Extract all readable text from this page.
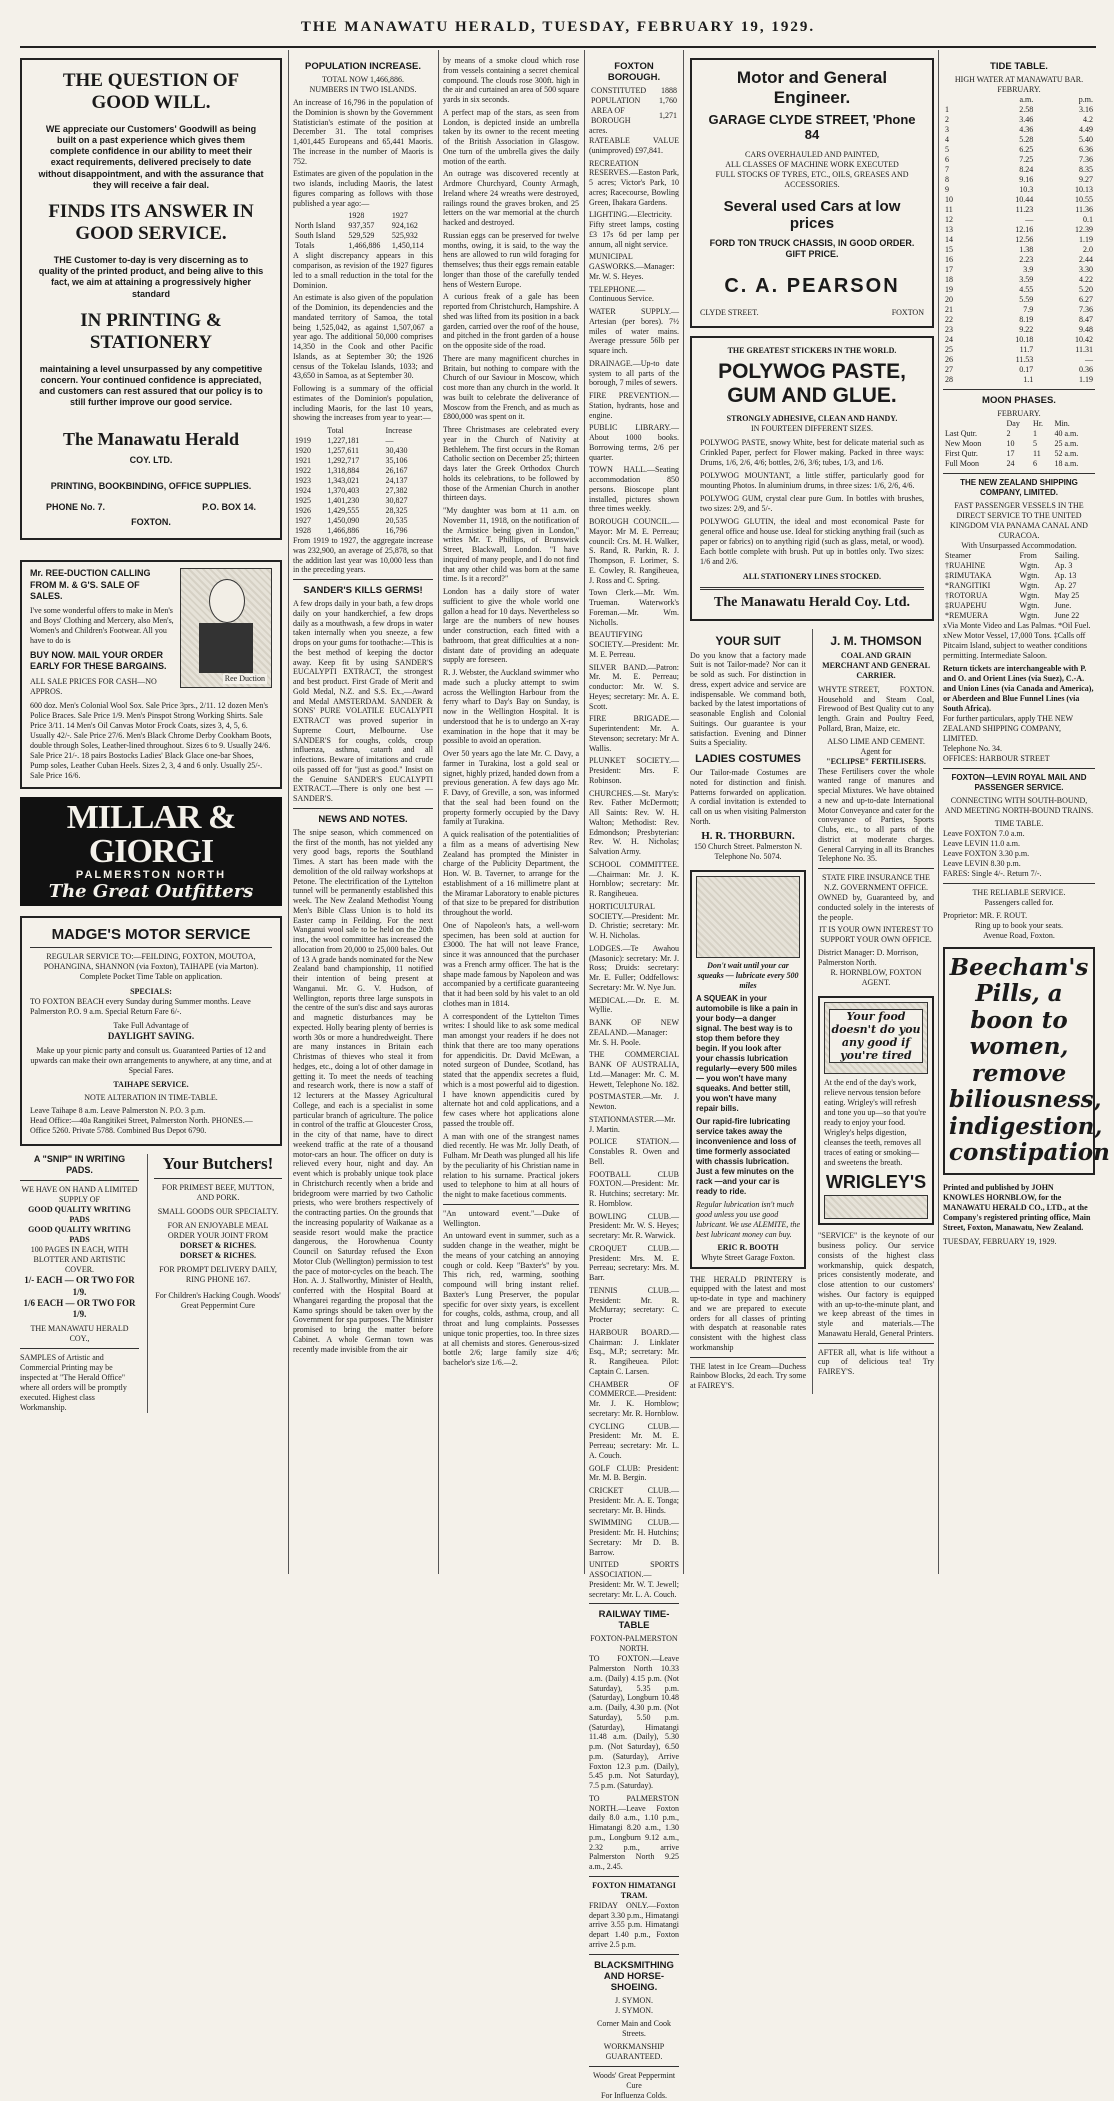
THE MANAWATU HERALD, TUESDAY, FEBRUARY 19, 1929.
THE QUESTION OF GOOD WILL.
WE appreciate our Customers' Goodwill as being built on a past experience which gives them complete confidence in our ability to meet their exact requirements, delivered precisely to date without disappointment, and with the assurance that they will receive a fair deal.
FINDS ITS ANSWER IN GOOD SERVICE.
THE Customer to-day is very discerning as to quality of the printed product, and being alive to this fact, we aim at attaining a progressively higher standard
IN PRINTING & STATIONERY
maintaining a level unsurpassed by any competitive concern. Your continued confidence is appreciated, and customers can rest assured that our policy is to still further improve our good service.
The Manawatu Herald
COY. LTD.
PRINTING, BOOKBINDING, OFFICE SUPPLIES.
PHONE No. 7.	P.O. BOX 14.
FOXTON.
Mr. REE-DUCTION CALLING FROM M. & G'S. SALE OF SALES.
I've some wonderful offers to make in Men's and Boys' Clothing and Mercery, also Men's, Women's and Children's Footwear. All you have to do is
BUY NOW. MAIL YOUR ORDER EARLY FOR THESE BARGAINS.
ALL SALE PRICES FOR CASH—NO APPROS.
Ree Duction
600 doz. Men's Colonial Wool Sox. Sale Price 3prs., 2/11. 12 dozen Men's Police Braces. Sale Price 1/9. Men's Pinspot Strong Working Shirts. Sale Price 3/11. 14 Men's Oil Canvas Motor Frock Coats, sizes 3, 4, 5, 6. Usually 42/-. Sale Price 27/6. Men's Black Chrome Derby Cookham Boots, double through Soles, Leather-lined throughout. Sizes 6 to 9. Usually 24/6. Sale Price 21/-. 18 pairs Bostocks Ladies' Black Glace one-bar Shoes, Pump soles, Leather Cuban Heels. Sizes 2, 3, 4 and 6 only. Usually 25/-. Sale Price 16/6.
MILLAR & GIORGI
PALMERSTON NORTH
The Great Outfitters
MADGE'S MOTOR SERVICE
REGULAR SERVICE TO:—FEILDING, FOXTON, MOUTOA, POHANGINA, SHANNON (via Foxton), TAIHAPE (via Marton).
Complete Pocket Time Table on application.
SPECIALS:
TO FOXTON BEACH every Sunday during Summer months. Leave Palmerston P.O. 9 a.m. Special Return Fare 6/-.
Take Full Advantage of
DAYLIGHT SAVING.
Make up your picnic party and consult us. Guaranteed Parties of 12 and upwards can make their own arrangements to anywhere, at any time, and at Special Fares.
TAIHAPE SERVICE.
NOTE ALTERATION IN TIME-TABLE.
Leave Taihape 8 a.m. Leave Palmerston N. P.O. 3 p.m.
Head Office:—40a Rangitikei Street, Palmerston North. PHONES.—Office 5260. Private 5788. Combined Bus Depot 6790.
A "SNIP" IN WRITING PADS.
WE HAVE ON HAND A LIMITED SUPPLY OF
GOOD QUALITY WRITING PADS
GOOD QUALITY WRITING PADS
100 PAGES IN EACH, WITH BLOTTER AND ARTISTIC COVER.
1/- EACH — OR TWO FOR 1/9.
1/6 EACH — OR TWO FOR 1/9.
THE MANAWATU HERALD COY.,
SAMPLES of Artistic and Commercial Printing may be inspected at "The Herald Office" where all orders will be promptly executed. Highest class Workmanship.
Your Butchers!
FOR PRIMEST BEEF, MUTTON, AND PORK.
SMALL GOODS OUR SPECIALTY.
FOR AN ENJOYABLE MEAL ORDER YOUR JOINT FROM
DORSET & RICHES.
DORSET & RICHES.
FOR PROMPT DELIVERY DAILY, RING PHONE 167.
For Children's Hacking Cough. Woods' Great Peppermint Cure
POPULATION INCREASE.
TOTAL NOW 1,466,886.
NUMBERS IN TWO ISLANDS.

An increase of 16,796 in the population of the Dominion is shown by the Government Statistician's estimate of the position at December 31. The total comprises 1,401,445 Europeans and 65,441 Maoris. The increase in the number of Maoris is 752.

Estimates are given of the population in the two islands, including Maoris, the latest figures comparing as follows with those published a year ago:—

	1928	1927
North Island	937,357	924,162
South Island	529,529	525,932
Totals	1,466,886	1,450,114

A slight discrepancy appears in this comparison, as revision of the 1927 figures led to a small reduction in the total for the Dominion.

An estimate is also given of the population of the Dominion, its dependencies and the mandated territory of Samoa, the total being 1,525,042, as against 1,507,067 a year ago. The additional 50,000 comprises 14,350 in the Cook and other Pacific Islands, as at September 30; the 1926 census of the Tokelau Islands, 1033; and 43,650 in Samoa, as at September 30.

Following is a summary of the official estimates of the Dominion's population, including Maoris, for the last 10 years, showing the increases from year to year:—

	Total	Increase
1919	1,227,181	—
1920	1,257,611	30,430
1921	1,292,717	35,106
1922	1,318,884	26,167
1923	1,343,021	24,137
1924	1,370,403	27,382
1925	1,401,230	30,827
1926	1,429,555	28,325
1927	1,450,090	20,535
1928	1,466,886	16,796

From 1919 to 1927, the aggregate increase was 232,900, an average of 25,878, so that the addition last year was 10,000 less than in the preceding years.

SANDER'S KILLS GERMS!

A few drops daily in your bath, a few drops daily on your handkerchief, a few drops daily as a mouthwash, a few drops in water taken internally when you sneeze, a few drops on your gums for toothache:—This is the best method of keeping the doctor away. Keep fit by using SANDER'S EUCALYPTI EXTRACT, the strongest and best product. First Grade of Merit and Gold Medal, N.Z. and S.S. Ex.,—Award and Medal AMSTERDAM. SANDER & SONS' PURE VOLATILE EUCALYPTI EXTRACT was proved superior in Supreme Court, Melbourne. Use SANDER'S for coughs, colds, croup influenza, asthma, catarrh and all infections. Beware of imitations and crude oils passed off for "just as good." Insist on the Genuine SANDER'S EUCALYPTI EXTRACT.—There is only one best —SANDER'S.

NEWS AND NOTES.

The snipe season, which commenced on the first of the month, has not yielded any very good bags, reports the Southland Times. A start has been made with the demolition of the old railway workshops at Petone. The electrification of the Lyttelton tunnel will be permanently established this week. The New Zealand Methodist Young Men's Bible Class Union is to hold its Easter camp in Feilding. For the next Wanganui wool sale to be held on the 20th inst., the wool committee has increased the allocation from 20,000 to 25,000 bales. Out of 13 A grade bands nominated for the New Zealand band championship, 11 notified their intention of being present at Wanganui. Mr. G. V. Hudson, of Wellington, reports three large sunspots in the centre of the sun's disc and says auroras and magnetic disturbances may be expected. Holly bearing plenty of berries is worth 30s or more a hundredweight. There are many instances in Britain each Christmas of thieves who steal it from hedges, etc., doing a lot of other damage in getting it. To meet the needs of teaching and research work, there is now a staff of 12 lecturers at the Massey Agricultural College, and each is a specialist in some particular branch of agriculture. The police in control of the traffic at Gloucester Cross, in the city of that name, have to direct weekend traffic at the rate of a thousand motor-cars an hour. The officer on duty is relieved every hour, night and day. An event which is probably unique took place in Christchurch recently when a bride and bridegroom were married by two Catholic priests, who were brothers respectively of the contracting parties. On the grounds that the increasing popularity of Waikanae as a seaside resort would make the practice dangerous, the Horowhenua County Council on Saturday refused the Exon Motor Club (Wellington) permission to test the pace of motor-cycles on the beach. The Hon. A. J. Stallworthy, Minister of Health, conferred with the Hospital Board at Whangarei regarding the proposal that the Kamo springs should be taken over by the Government for spa purposes. The Minister promised to bring the matter before Cabinet. A whole German town was recently made invisible from the air

by means of a smoke cloud which rose from vessels containing a secret chemical compound. The clouds rose 300ft. high in the air and curtained an area of 500 square yards in six seconds.

A perfect map of the stars, as seen from London, is depicted inside an umbrella taken by its owner to the recent meeting of the British Association in Glasgow. One turn of the umbrella gives the daily motion of the earth.

An outrage was discovered recently at Ardmore Churchyard, County Armagh, Ireland where 24 wreaths were destroyed, railings round the graves broken, and 25 letters on the war memorial at the church hacked and destroyed.

Russian eggs can be preserved for twelve months, owing, it is said, to the way the hens are allowed to run wild foraging for themselves; thus their eggs remain eatable longer than those of the carefully tended hens of Western Europe.

A curious freak of a gale has been reported from Christchurch, Hampshire. A shed was lifted from its position in a back garden, carried over the roof of the house, and pitched in the front garden of a house on the opposite side of the road.

There are many magnificent churches in Britain, but nothing to compare with the Church of our Saviour in Moscow, which cost more than any church in the world. It was built to celebrate the deliverance of Moscow from the French, and as much as £800,000 was spent on it.

Three Christmases are celebrated every year in the Church of Nativity at Bethlehem. The first occurs in the Roman Catholic section on December 25; thirteen days later the Greek Orthodox Church holds its celebrations, to be followed by those of the Armenian Church in another thirteen days.

"My daughter was born at 11 a.m. on November 11, 1918, on the notification of the Armistice being given in London," writes Mr. T. Phillips, of Brunswick Street, Blackwall, London. "I have inquired of many people, and I do not find that any other child was born at the same time. Is it a record?"

London has a daily store of water sufficient to give the whole world one gallon a head for 10 days. Nevertheless so large are the numbers of new houses under construction, each fitted with a bathroom, that great difficulties at a non-distant date of providing an adequate supply are foreseen.

R. J. Webster, the Auckland swimmer who made such a plucky attempt to swim across the Wellington Harbour from the ferry wharf to Day's Bay on Sunday, is now in the Wellington Hospital. It is understood that he is to undergo an X-ray examination in the hope that it may be possible to avoid an operation.

Over 50 years ago the late Mr. C. Davy, a farmer in Turakina, lost a gold seal or signet, highly prized, handed down from a previous generation. A few days ago Mr. F. Davy, of Greville, a son, was informed that the seal had been found on the property formerly occupied by the Davy family at Turakina.

A quick realisation of the potentialities of a film as a means of advertising New Zealand has prompted the Minister in charge of the Publicity Department, the Hon. W. B. Taverner, to arrange for the establishment of a 16 millimetre plant at the Miramar Laboratory to enable pictures of that size to be prepared for distribution throughout the world.

One of Napoleon's hats, a well-worn specimen, has been sold at auction for £3000. The hat will not leave France, since it was announced that the purchaser was a French army officer. The hat is the shape made famous by Napoleon and was accompanied by a certificate guaranteeing that it had been sold by his valet to an old clothes man in 1814.

A correspondent of the Lyttelton Times writes: I should like to ask some medical man amongst your readers if he does not think that there are too many operations for appendicitis. Dr. David McEwan, a noted surgeon of Dundee, Scotland, has stated that the appendix secretes a fluid, which is a most powerful aid to digestion. I have known appendicitis cured by alternate hot and cold applications, and a few cases where hot applications alone passed the trouble off.

A man with one of the strangest names died recently. He was Mr. Jolly Death, of Fulham. Mr Death was plunged all his life by the peculiarity of his Christian name in relation to his surname. Practical jokers used to telephone to him at all hours of the night to make facetious comments.

"An untoward event."—Duke of Wellington.

An untoward event in summer, such as a sudden change in the weather, might be the means of your catching an annoying cough or cold. Keep "Baxter's" by you. This rich, red, warming, soothing compound will bring instant relief. Baxter's Lung Preserver, the popular specific for over sixty years, is excellent for coughs, colds, asthma, croup, and all throat and lung complaints. Possesses unique tonic properties, too. In three sizes at all chemists and stores. Generous-sized bottle 2/6; large family size 4/6; bachelor's size 1/6.—2.

FOXTON BOROUGH.
CONSTITUTED	1888
POPULATION	1,760
AREA OF BOROUGH	1,271
acres.

RATEABLE VALUE (unimproved) £97,841.

RECREATION RESERVES.—Easton Park, 5 acres; Victor's Park, 10 acres; Racecourse, Bowling Green, Ihakara Gardens.

LIGHTING.—Electricity. Fifty street lamps, costing £3 17s 6d per lamp per annum, all night service.

MUNICIPAL GASWORKS.—Manager: Mr. W. S. Heyes.

TELEPHONE.—Continuous Service.

WATER SUPPLY.—Artesian (per bores). 7½ miles of water mains. Average pressure 56lb per square inch.

DRAINAGE.—Up-to date system to all parts of the borough, 7 miles of sewers.

FIRE PREVENTION.—Station, hydrants, hose and engine.

PUBLIC LIBRARY.—About 1000 books. Borrowing terms, 2/6 per quarter.

TOWN HALL.—Seating accommodation 850 persons. Bioscope plant installed, pictures shown three times weekly.

BOROUGH COUNCIL.—Mayor: Mr M. E. Perreau; council: Crs. M. H. Walker, S. Rand, R. Parkin, R. J. Thompson, F. Lorimer, S. E. Cowley, R. Rangiheuea, J. Ross and C. Spring.

Town Clerk.—Mr. Wm. Trueman. Waterwork's Foreman.—Mr. Wm. Nicholls.

BEAUTIFYING SOCIETY.—President: Mr. M. E. Perreau.

SILVER BAND.—Patron: Mr. M. E. Perreau; conductor: Mr. W. S. Heyes; secretary: Mr. A. E. Scott.

FIRE BRIGADE.—Superintendent: Mr. A. Stevenson; secretary: Mr A. Wallis.

PLUNKET SOCIETY.—President: Mrs. F. Robinson.

CHURCHES.—St. Mary's: Rev. Father McDermott; All Saints: Rev. W. H. Walton; Methodist: Rev. Edmondson; Presbyterian: Rev. W. H. Nicholas; Salvation Army.

SCHOOL COMMITTEE.—Chairman: Mr. J. K. Hornblow; secretary: Mr. R. Rangiheuea.

HORTICULTURAL SOCIETY.—President: Mr. D. Christie; secretary: Mr. W. H. Nicholas.

LODGES.—Te Awahou (Masonic): secretary: Mr. J. Ross; Druids: secretary: Mr. E. Fuller; Oddfellows: Secretary: Mr. W. Nye Jun.

MEDICAL.—Dr. E. M. Wyllie.

BANK OF NEW ZEALAND.—Manager: Mr. S. H. Poole.

THE COMMERCIAL BANK OF AUSTRALIA, Ltd.—Manager: Mr. C. M. Hewett, Telephone No. 182.

POSTMASTER.—Mr. J. Newton.

STATIONMASTER.—Mr. J. Martin.

POLICE STATION.—Constables R. Owen and Bell.

FOOTBALL CLUB FOXTON.—President: Mr. R. Hutchins; secretary: Mr. R. Hornblow.

BOWLING CLUB.—President: Mr. W. S. Heyes; secretary: Mr. R. Warwick.

CROQUET CLUB.—President: Mrs. M. E. Perreau; secretary: Mrs. M. Barr.

TENNIS CLUB.—President: Mr. R. McMurray; secretary: C. Procter

HARBOUR BOARD.—Chairman: J. Linklater Esq., M.P.; secretary: Mr. R. Rangiheuea. Pilot: Captain C. Larsen.

CHAMBER OF COMMERCE.—President: Mr. J. K. Hornblow; secretary: Mr. R. Hornblow.

CYCLING CLUB.—President: Mr. M. E. Perreau; secretary: Mr. L. A. Couch.

GOLF CLUB: President: Mr. M. B. Bergin.

CRICKET CLUB.—President: Mr. A. E. Tonga; secretary: Mr. B. Hinds.

SWIMMING CLUB.—President: Mr. H. Hutchins; Secretary: Mr D. B. Barrow.

UNITED SPORTS ASSOCIATION.—President: Mr. W. T. Jewell; secretary: Mr. L. A. Couch.

RAILWAY TIME-TABLE
FOXTON-PALMERSTON NORTH.

TO FOXTON.—Leave Palmerston North 10.33 a.m. (Daily) 4.15 p.m. (Not Saturday), 5.35 p.m. (Saturday), Longburn 10.48 a.m. (Daily, 4.30 p.m. (Not Saturday), 5.50 p.m. (Saturday), Himatangi 11.48 a.m. (Daily), 5.30 p.m. (Not Saturday), 6.50 p.m. (Saturday), Arrive Foxton 12.3 p.m. (Daily), 5.45 p.m. Not Saturday), 7.5 p.m. (Saturday).

TO PALMERSTON NORTH.—Leave Foxton daily 8.0 a.m., 1.10 p.m., Himatangi 8.20 a.m., 1.30 p.m., Longburn 9.12 a.m., 2.32 p.m., arrive Palmerston North 9.25 a.m., 2.45.

FOXTON HIMATANGI TRAM.

FRIDAY ONLY.—Foxton depart 3.30 p.m., Himatangi arrive 3.55 p.m. Himatangi depart 1.40 p.m., Foxton arrive 2.5 p.m.

BLACKSMITHING AND HORSE-SHOEING.
J. SYMON.
J. SYMON.
Corner Main and Cook Streets.
WORKMANSHIP GUARANTEED.
Woods' Great Peppermint Cure
For Influenza Colds.
Motor and General Engineer.
GARAGE CLYDE STREET, 'Phone 84
CARS OVERHAULED AND PAINTED,
ALL CLASSES OF MACHINE WORK EXECUTED
FULL STOCKS OF TYRES, ETC., OILS, GREASES AND ACCESSORIES.
Several used Cars at low prices
FORD TON TRUCK CHASSIS, IN GOOD ORDER.
GIFT PRICE.
C. A. PEARSON
CLYDE STREET.	FOXTON
THE GREATEST STICKERS IN THE WORLD.
POLYWOG PASTE, GUM AND GLUE.
STRONGLY ADHESIVE, CLEAN AND HANDY.
IN FOURTEEN DIFFERENT SIZES.
POLYWOG PASTE, snowy White, best for delicate material such as Crinkled Paper, perfect for Flower making. Packed in three ways: Drums, 1/6, 2/6, 4/6; bottles, 2/6, 3/6; tubes, 1/3, and 1/6.
POLYWOG MOUNTANT, a little stiffer, particularly good for mounting Photos. In aluminium drums, in three sizes: 1/6, 2/6, 4/6.
POLYWOG GUM, crystal clear pure Gum. In bottles with brushes, two sizes: 2/9, and 5/-.
POLYWOG GLUTIN, the ideal and most economical Paste for general office and house use. Ideal for sticking anything frail (such as paper or fabrics) on to anything rigid (such as glass, metal, or wood). Each bottle complete with brush. Put up in bottles only. Two sizes: 1/6 and 2/6.
ALL STATIONERY LINES STOCKED.
The Manawatu Herald Coy. Ltd.
YOUR SUIT

Do you know that a factory made Suit is not Tailor-made? Nor can it be sold as such. For distinction in dress, expert advice and service are indispensable. We command both, backed by the latest importations of seasonable English and Colonial Suitings. Our guarantee is your satisfaction. Evening and Dinner Suits a Speciality.

LADIES COSTUMES

Our Tailor-made Costumes are noted for distinction and finish. Patterns forwarded on application. A cordial invitation is extended to call on us when visiting Palmerston North.

H. R. THORBURN.
150 Church Street. Palmerston N. Telephone No. 5074.
Don't wait until your car squeaks — lubricate every 500 miles
A SQUEAK in your automobile is like a pain in your body—a danger signal. The best way is to stop them before they begin. If you look after your chassis lubrication regularly—every 500 miles — you won't have many squeaks. And better still, you won't have many repair bills.
Our rapid-fire lubricating service takes away the inconvenience and loss of time formerly associated with chassis lubrication. Just a few minutes on the rack —and your car is ready to ride.
Regular lubrication isn't much good unless you use good lubricant. We use ALEMITE, the best lubricant money can buy.
ERIC R. BOOTH
Whyte Street Garage Foxton.

THE HERALD PRINTERY is equipped with the latest and most up-to-date in type and machinery and we are prepared to execute orders for all classes of printing with despatch at reasonable rates consistent with the highest class workmanship

THE latest in Ice Cream—Duchess Rainbow Blocks, 2d each. Try some at FAIREY'S.

J. M. THOMSON
COAL AND GRAIN MERCHANT AND GENERAL CARRIER.
WHYTE STREET,	FOXTON.

Household and Steam Coal, Firewood of Best Quality cut to any length. Grain and Poultry Feed, Pollard, Bran, Maize, etc.

ALSO LIME AND CEMENT.
Agent for
"ECLIPSE" FERTILISERS.

These Fertilisers cover the whole wanted range of manures and special Mixtures. We have obtained a new and up-to-date International Motor Conveyance and cater for the conveyance of Parties, Sports Clubs, etc., to all parts of the district at moderate charges. General Carrying in all its Branches Telephone No. 35.

STATE FIRE INSURANCE THE N.Z. GOVERNMENT OFFICE.

OWNED by, Guaranteed by, and conducted solely in the interests of the people.

IT IS YOUR OWN INTEREST TO SUPPORT YOUR OWN OFFICE.
District Manager: D. Morrison, Palmerston North.
R. HORNBLOW, FOXTON AGENT.
Your food doesn't do you any good if you're tired
At the end of the day's work, relieve nervous tension before eating. Wrigley's will refresh and tone you up—so that you're ready to enjoy your food. Wrigley's helps digestion, cleanses the teeth, removes all traces of eating or smoking—and sweetens the breath.
WRIGLEY'S

"SERVICE" is the keynote of our business policy. Our service consists of the highest class workmanship, quick despatch, prices consistently moderate, and close attention to our customers' wishes. Our factory is equipped with an up-to-the-minute plant, and we keep abreast of the times in style and materials.—The Manawatu Herald, General Printers.

AFTER all, what is life without a cup of delicious tea! Try FAIREY'S.

TIDE TABLE.
HIGH WATER AT MANAWATU BAR.
FEBRUARY.
	a.m.	p.m.
1	2.58	3.16
2	3.46	4.2
3	4.36	4.49
4	5.28	5.40
5	6.25	6.36
6	7.25	7.36
7	8.24	8.35
8	9.16	9.27
9	10.3	10.13
10	10.44	10.55
11	11.23	11.36
12	—	0.1
13	12.16	12.39
14	12.56	1.19
15	1.38	2.0
16	2.23	2.44
17	3.9	3.30
18	3.59	4.22
19	4.55	5.20
20	5.59	6.27
21	7.9	7.36
22	8.19	8.47
23	9.22	9.48
24	10.18	10.42
25	11.7	11.31
26	11.53	—
27	0.17	0.36
28	1.1	1.19
MOON PHASES.
FEBRUARY.
	Day	Hr.	Min.
Last Qutr.	2	1	40 a.m.
New Moon	10	5	25 a.m.
First Qutr.	17	11	52 a.m.
Full Moon	24	6	18 a.m.
THE NEW ZEALAND SHIPPING COMPANY, LIMITED.
FAST PASSENGER VESSELS IN THE DIRECT SERVICE TO THE UNITED KINGDOM VIA PANAMA CANAL AND CURACOA.
With Unsurpassed Accommodation.
Steamer	From	Sailing.
†RUAHINE	Wgtn.	Ap. 3
‡RIMUTAKA	Wgtn.	Ap. 13
*RANGITIKI	Wgtn.	Ap. 27
†ROTORUA	Wgtn.	May 25
‡RUAPEHU	Wgtn.	June.
*REMUERA	Wgtn.	June 22
xVia Monte Video and Las Palmas. *Oil Fuel. xNew Motor Vessel, 17,000 Tons. ‡Calls off Pitcairn Island, subject to weather conditions permitting. Intermediate Saloon.
Return tickets are interchangeable with P. and O. and Orient Lines (via Suez), C.-A. and Union Lines (via Canada and America), or Aberdeen and Blue Funnel Lines (via South Africa).
For further particulars, apply THE NEW ZEALAND SHIPPING COMPANY, LIMITED.
Telephone No. 34.
OFFICES: HARBOUR STREET
FOXTON—LEVIN ROYAL MAIL AND PASSENGER SERVICE.
CONNECTING WITH SOUTH-BOUND, AND MEETING NORTH-BOUND TRAINS.
TIME TABLE.
Leave FOXTON 7.0 a.m.
Leave LEVIN 11.0 a.m.
Leave FOXTON 3.30 p.m.
Leave LEVIN 8.30 p.m.
FARES: Single 4/-. Return 7/-.
THE RELIABLE SERVICE.
Passengers called for.
Proprietor: MR. F. ROUT.
Ring up to book your seats.
Avenue Road, Foxton.
Beecham's Pills, a boon to women, remove biliousness, indigestion, constipation
Printed and published by JOHN KNOWLES HORNBLOW, for the MANAWATU HERALD CO., LTD., at the Company's registered printing office, Main Street, Foxton, Manawatu, New Zealand.
TUESDAY, FEBRUARY 19, 1929.
